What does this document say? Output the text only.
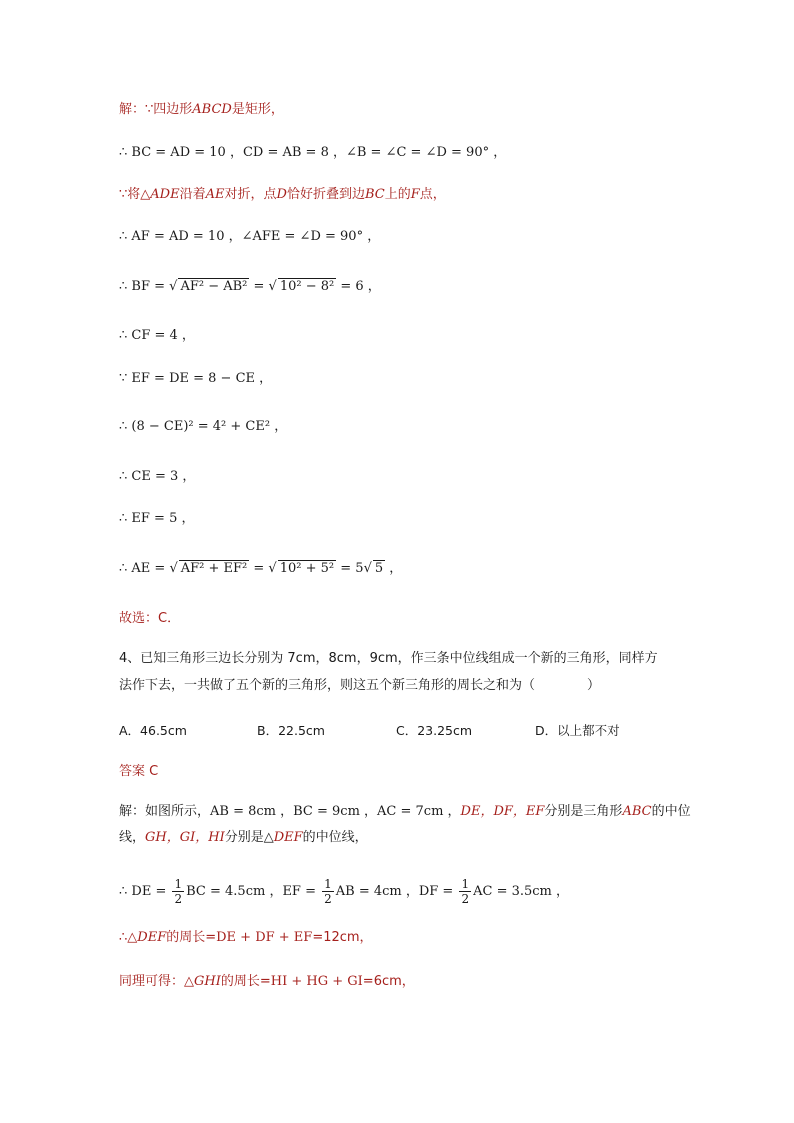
解：∵四边形ABCD是矩形，
∴ BC = AD = 10 ，CD = AB = 8 ，∠B = ∠C = ∠D = 90° ，
∵将△ADE沿着AE对折，点D恰好折叠到边BC上的F点，
∴ AF = AD = 10 ，∠AFE = ∠D = 90° ，
∴ BF = √ AF² − AB² = √ 10² − 8² = 6 ，
∴ CF = 4 ，
∵ EF = DE = 8 − CE ，
∴ (8 − CE)² = 4² + CE² ，
∴ CE = 3 ，
∴ EF = 5 ，
∴ AE = √ AF² + EF² = √ 10² + 5² = 5√ 5 ，
故选：C．
4、已知三角形三边长分别为 7cm，8cm，9cm，作三条中位线组成一个新的三角形，同样方
法作下去，一共做了五个新的三角形，则这五个新三角形的周长之和为（　　　　）
A．46.5cm	B．22.5cm	C．23.25cm	D．以上都不对
答案 C
解：如图所示，AB = 8cm ，BC = 9cm ，AC = 7cm ，DE，DF，EF分别是三角形ABC的中位
线，GH，GI，HI分别是△DEF的中位线，
∴ DE = $\frac{1}{2}$ BC = 4.5cm ，EF = $\frac{1}{2}$ AB = 4cm ，DF = $\frac{1}{2}$ AC = 3.5cm ，
∴△DEF的周长=DE + DF + EF=12cm，
同理可得：△GHI的周长=HI + HG + GI=6cm，
